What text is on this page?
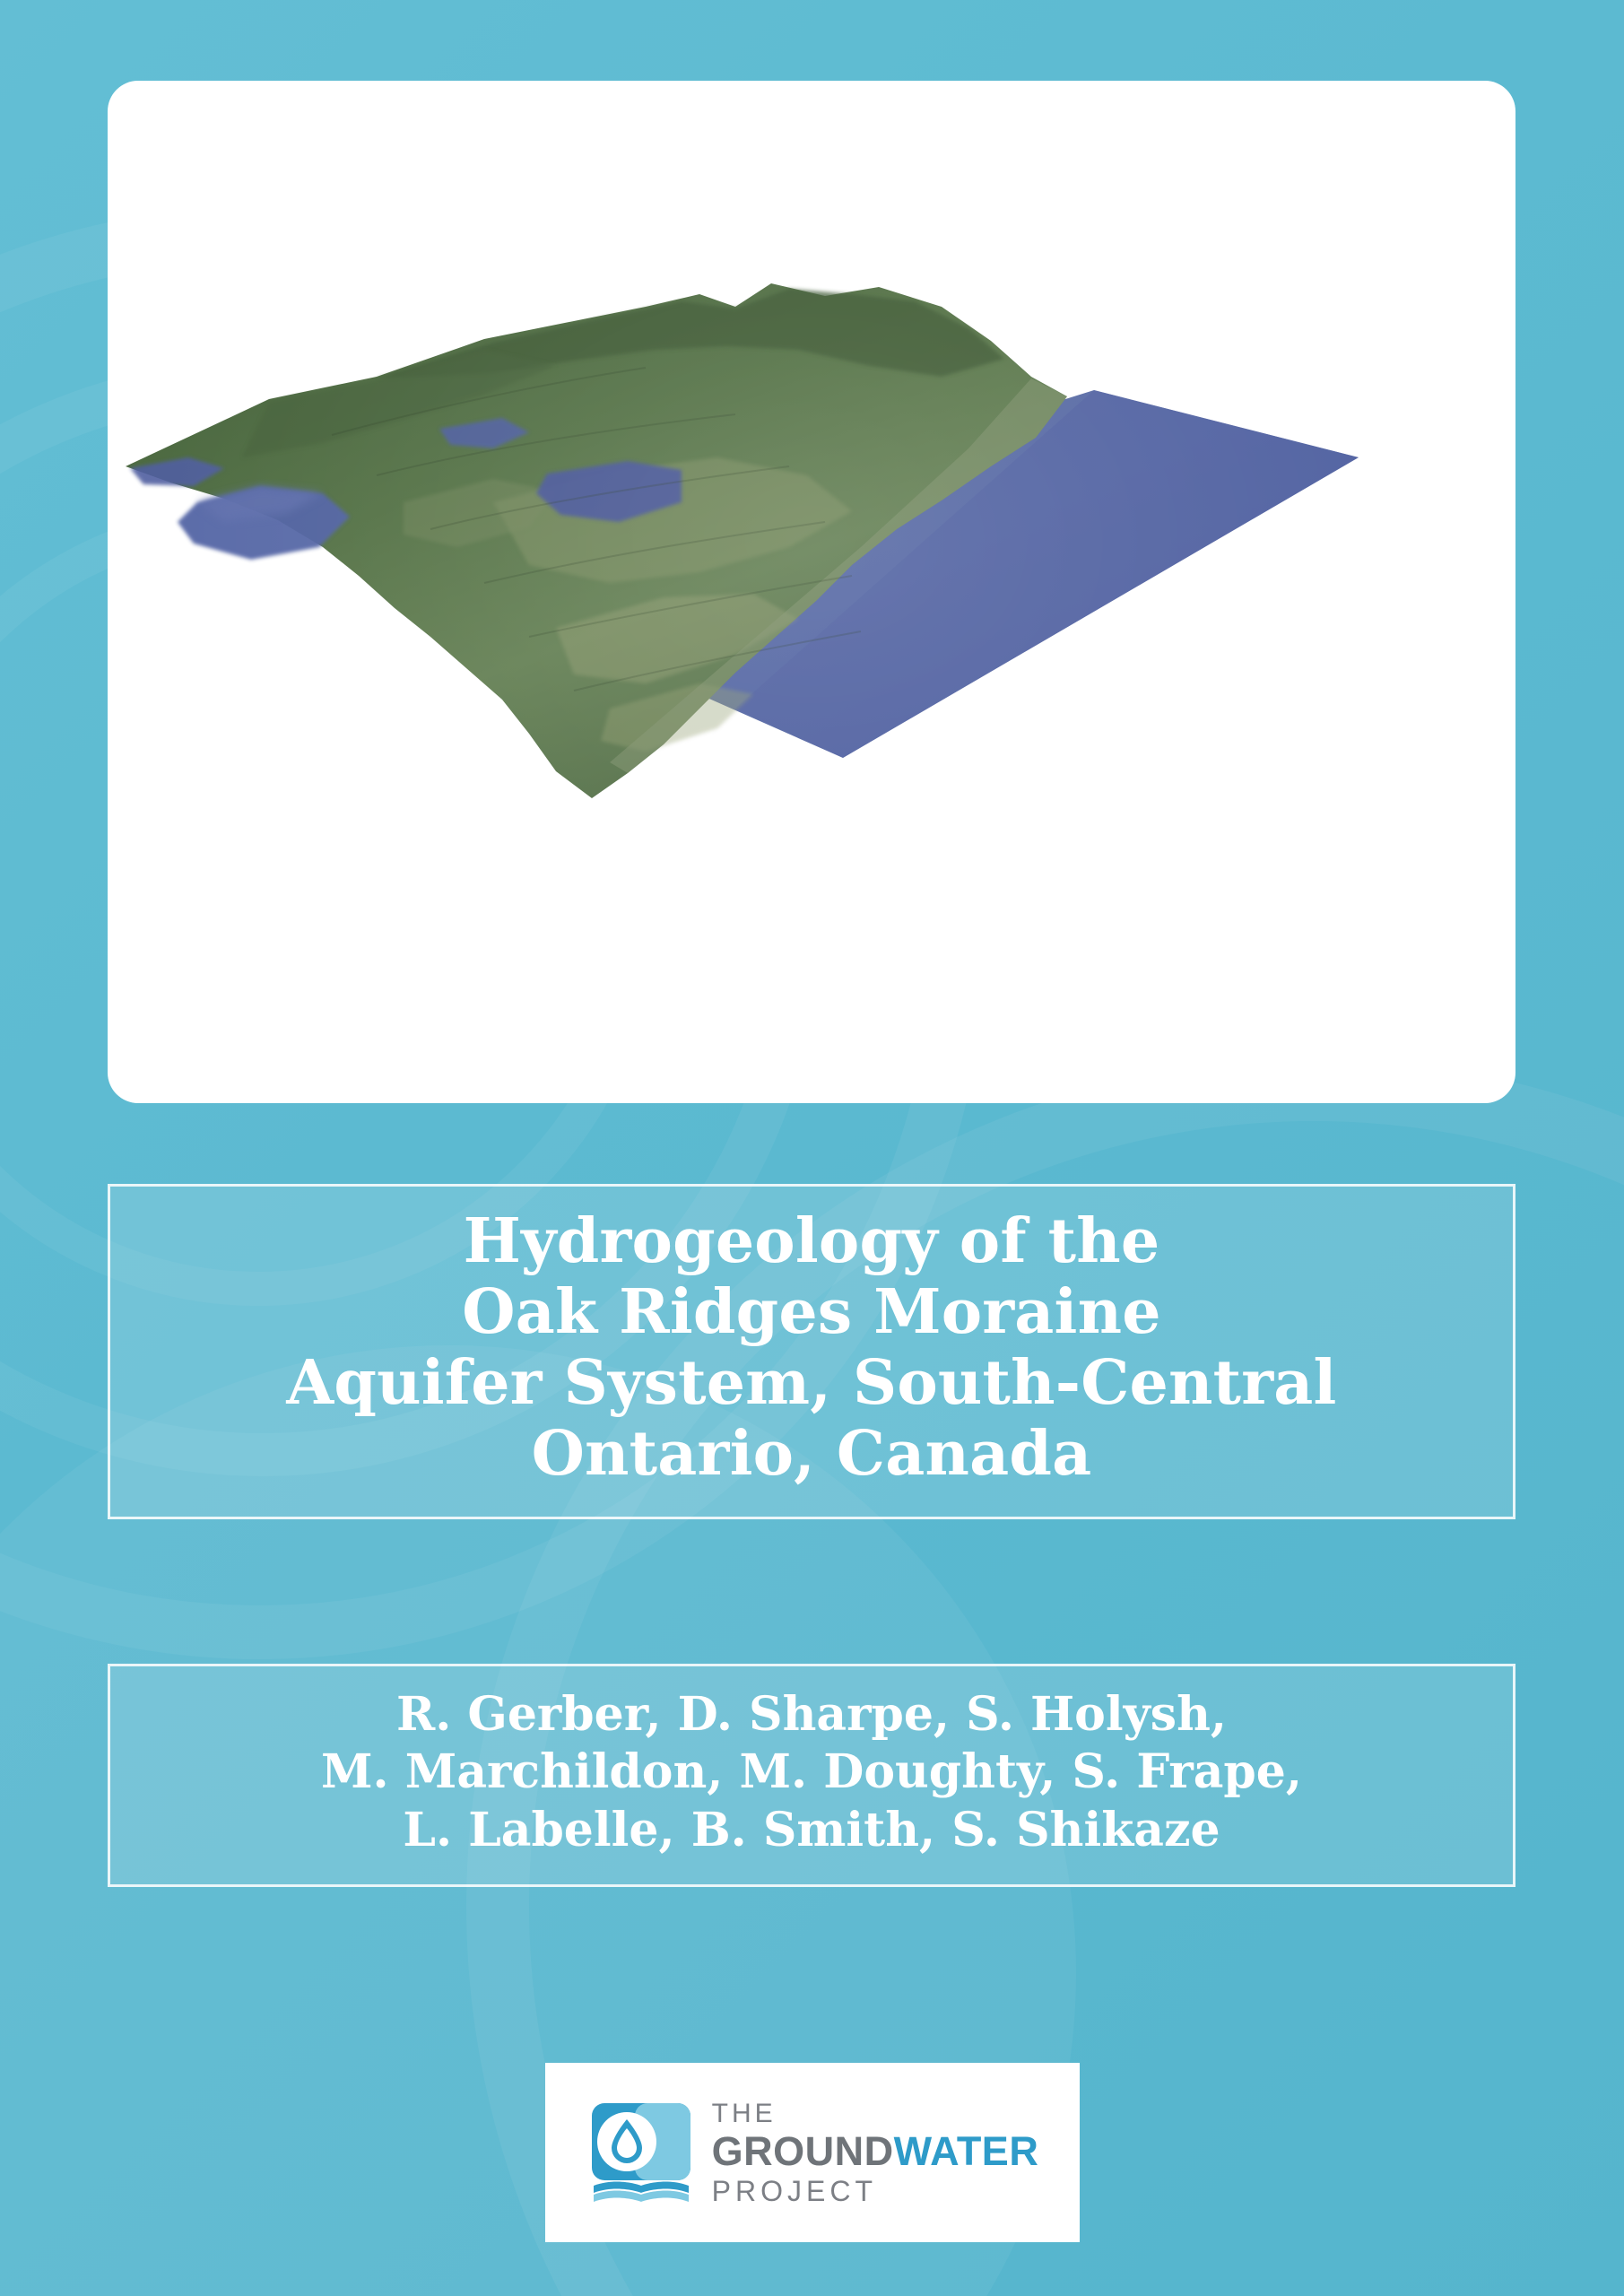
Hydrogeology of the
Oak Ridges Moraine
Aquifer System, South-Central
Ontario, Canada
R. Gerber, D. Sharpe, S. Holysh,
M. Marchildon, M. Doughty, S. Frape,
L. Labelle, B. Smith, S. Shikaze
THE
GROUNDWATER
PROJECT
